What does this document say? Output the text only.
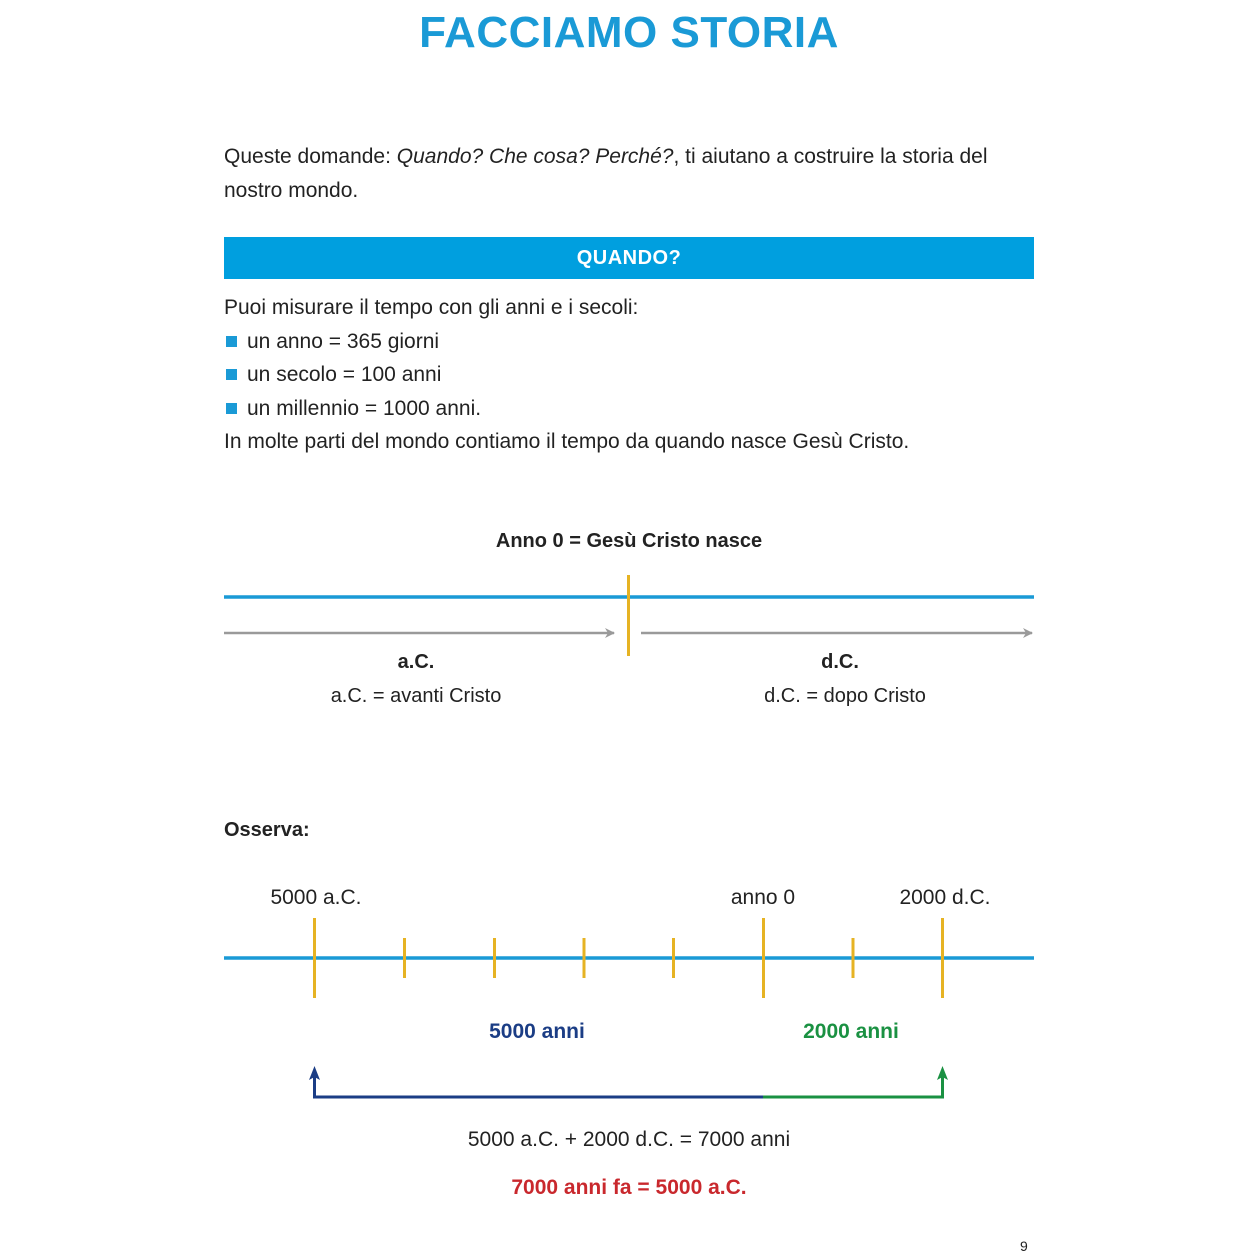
FACCIAMO STORIA
Queste domande: Quando? Che cosa? Perché?, ti aiutano a costruire la storia del nostro mondo.
QUANDO?
Puoi misurare il tempo con gli anni e i secoli:
un anno = 365 giorni
un secolo = 100 anni
un millennio = 1000 anni.
In molte parti del mondo contiamo il tempo da quando nasce Gesù Cristo.
Anno 0 = Gesù Cristo nasce
a.C.
a.C. = avanti Cristo
d.C.
d.C. = dopo Cristo
Osserva:
5000 a.C.	anno 0	2000 d.C.
5000 anni	2000 anni
5000 a.C. + 2000 d.C. = 7000 anni
7000 anni fa = 5000 a.C.
9
